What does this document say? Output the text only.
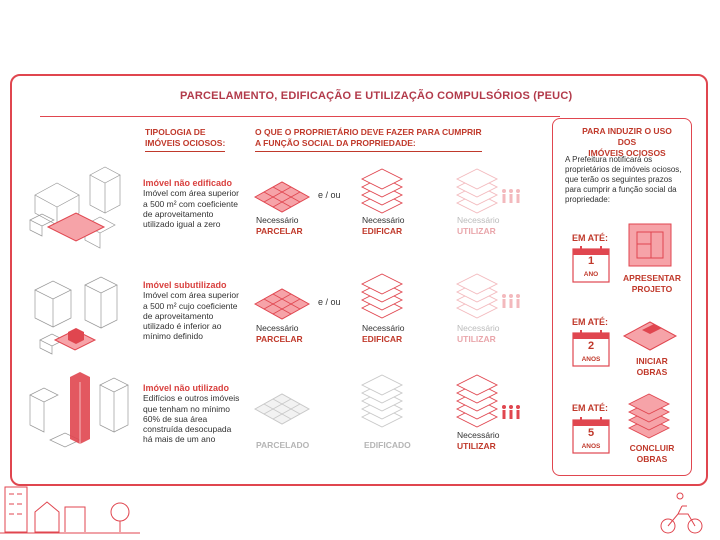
PARCELAMENTO, EDIFICAÇÃO E UTILIZAÇÃO COMPULSÓRIOS (PEUC)
TIPOLOGIA DE
IMÓVEIS OCIOSOS:
O QUE O PROPRIETÁRIO DEVE FAZER PARA CUMPRIR
A FUNÇÃO SOCIAL DA PROPRIEDADE:
PARA INDUZIR O USO DOS
IMÓVEIS OCIOSOS
Imóvel não edificado
Imóvel com área superior a 500 m² com coeficiente de aproveitamento utilizado igual a zero
Imóvel subutilizado
Imóvel com área superior a 500 m² cujo coeficiente de aproveitamento utilizado é inferior ao mínimo definido
Imóvel não utilizado
Edifícios e outros imóveis que tenham no mínimo 60% de sua área construída desocupada há mais de um ano
e / ou
Necessário
PARCELAR
Necessário
EDIFICAR
Necessário
UTILIZAR
e / ou
Necessário
PARCELAR
Necessário
EDIFICAR
Necessário
UTILIZAR
PARCELADO	EDIFICADO
Necessário
UTILIZAR
A Prefeitura notificará os proprietários de imóveis ociosos, que terão os seguintes prazos para cumprir a função social da propriedade:
EM ATÉ:
1
ANO	APRESENTAR
PROJETO
EM ATÉ:
2
ANOS	INICIAR
OBRAS
EM ATÉ:
5
ANOS	CONCLUIR
OBRAS
